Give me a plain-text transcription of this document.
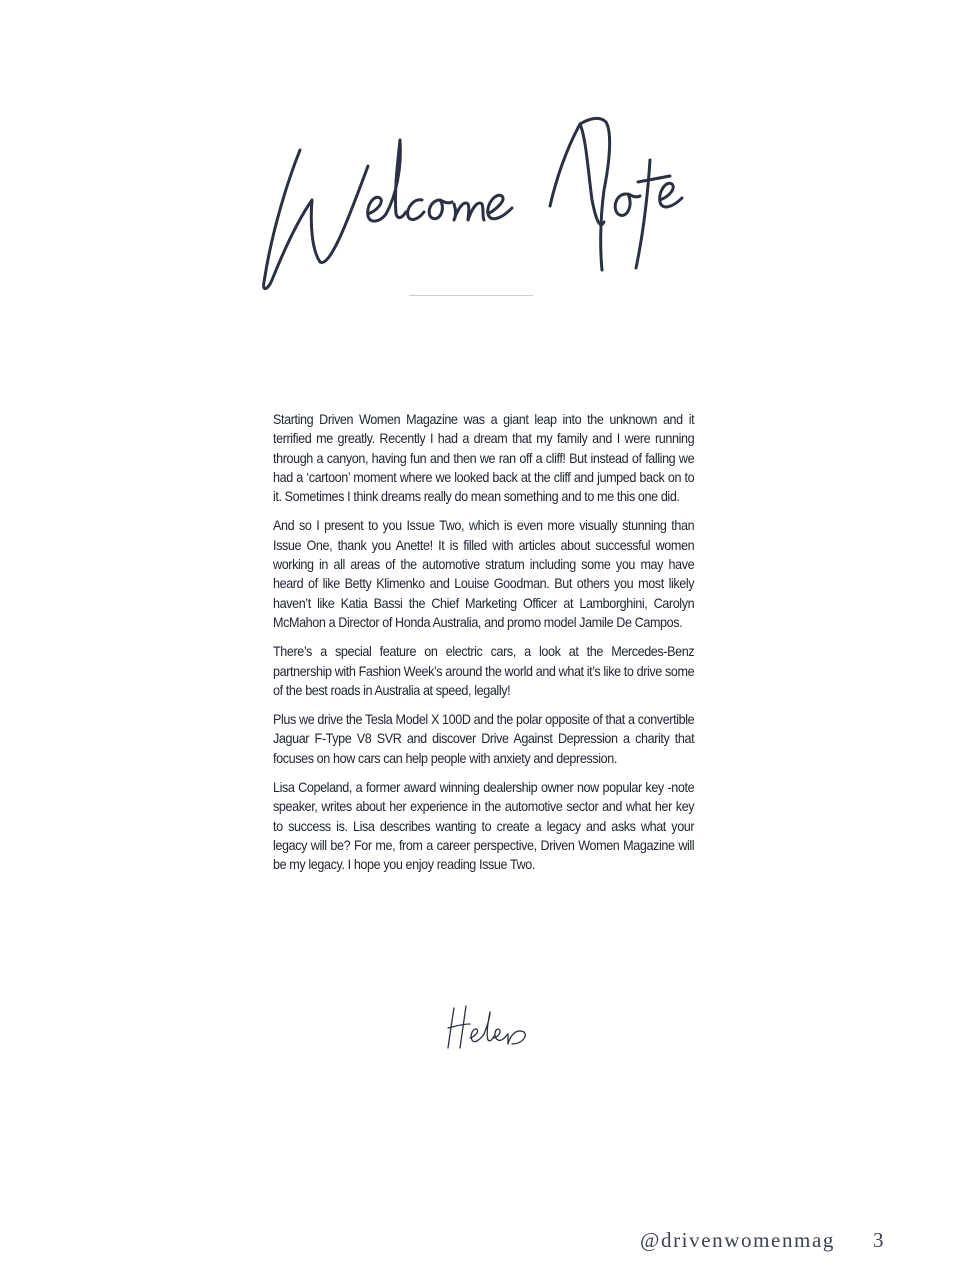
Starting Driven Women Magazine was a giant leap into the unknown and it terrified me greatly. Recently I had a dream that my family and I were running through a canyon, having fun and then we ran off a cliff! But instead of falling we had a ‘cartoon’ moment where we looked back at the cliff and jumped back on to it. Sometimes I think dreams really do mean something and to me this one did.

And so I present to you Issue Two, which is even more visually stunning than Issue One, thank you Anette! It is filled with articles about successful women working in all areas of the automotive stratum including some you may have heard of like Betty Klimenko and Louise Goodman. But others you most likely haven’t like Katia Bassi the Chief Marketing Officer at Lamborghini, Carolyn McMahon a Director of Honda Australia, and promo model Jamile De Campos.

There’s a special feature on electric cars, a look at the Mercedes-Benz partnership with Fashion Week’s around the world and what it’s like to drive some of the best roads in Australia at speed, legally!

Plus we drive the Tesla Model X 100D and the polar opposite of that a convertible Jaguar F-Type V8 SVR and discover Drive Against Depression a charity that focuses on how cars can help people with anxiety and depression.

Lisa Copeland, a former award winning dealership owner now popular key -note speaker, writes about her experience in the automotive sector and what her key to success is. Lisa describes wanting to create a legacy and asks what your legacy will be? For me, from a career perspective, Driven Women Magazine will be my legacy. I hope you enjoy reading Issue Two.

@drivenwomenmag 3
